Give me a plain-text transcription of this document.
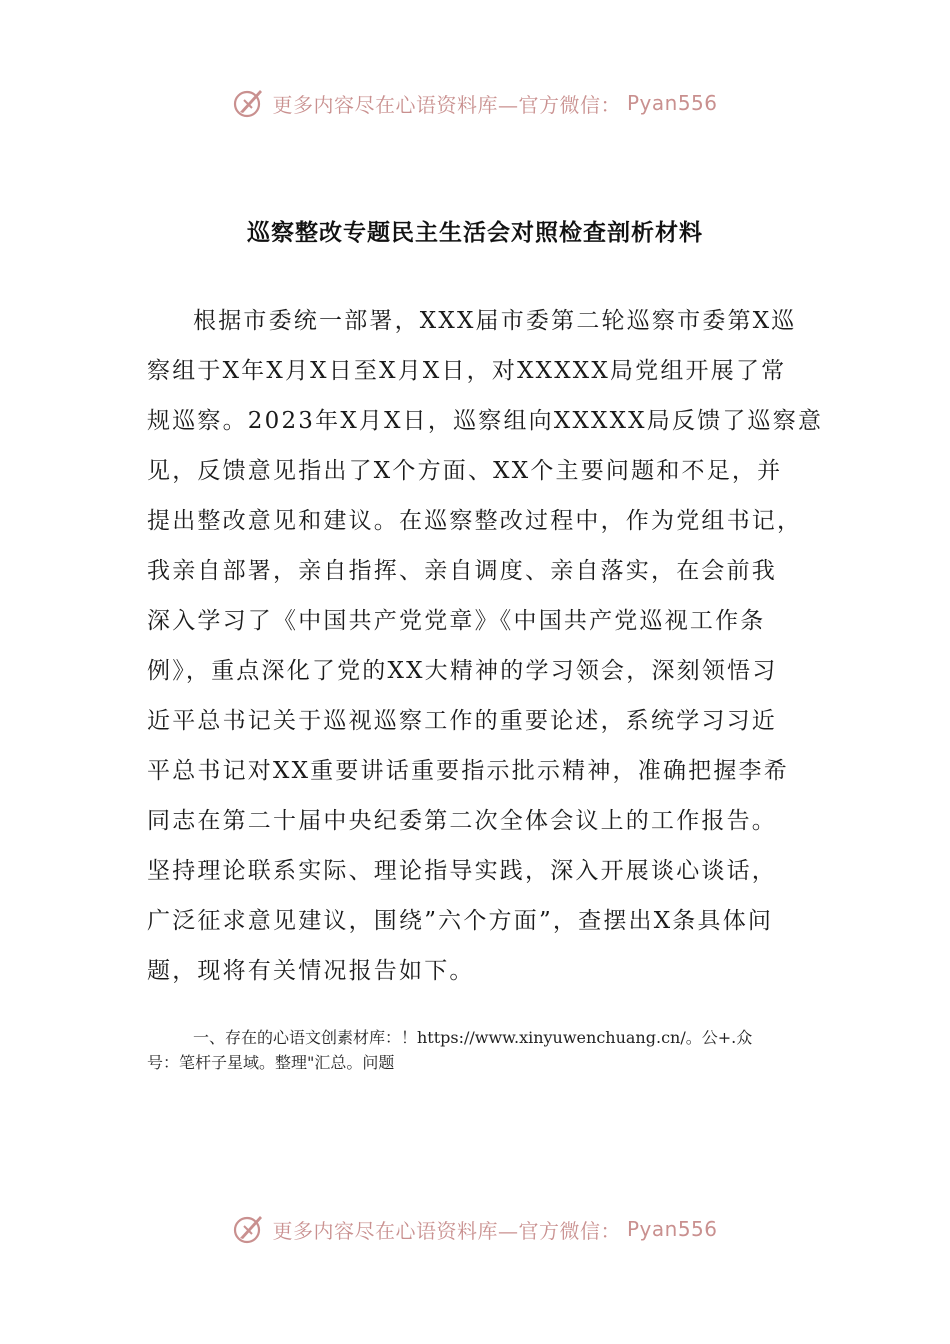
更多内容尽在心语资料库—官方微信： Pyan556
巡察整改专题民主生活会对照检查剖析材料
根据市委统一部署，XXX届市委第二轮巡察市委第X巡
察组于X年X月X日至X月X日，对XXXXX局党组开展了常
规巡察。2023年X月X日，巡察组向XXXXX局反馈了巡察意
见，反馈意见指出了X个方面、XX个主要问题和不足，并
提出整改意见和建议。在巡察整改过程中，作为党组书记，
我亲自部署，亲自指挥、亲自调度、亲自落实，在会前我
深入学习了《中国共产党党章》《中国共产党巡视工作条
例》，重点深化了党的XX大精神的学习领会，深刻领悟习
近平总书记关于巡视巡察工作的重要论述，系统学习习近
平总书记对XX重要讲话重要指示批示精神，准确把握李希
同志在第二十届中央纪委第二次全体会议上的工作报告。
坚持理论联系实际、理论指导实践，深入开展谈心谈话，
广泛征求意见建议，围绕”六个方面”，查摆出X条具体问
题，现将有关情况报告如下。
一、存在的心语文创素材库：！https://www.xinyuwenchuang.cn/。公+.众
号：笔杆子星域。整理"汇总。问题
更多内容尽在心语资料库—官方微信： Pyan556
